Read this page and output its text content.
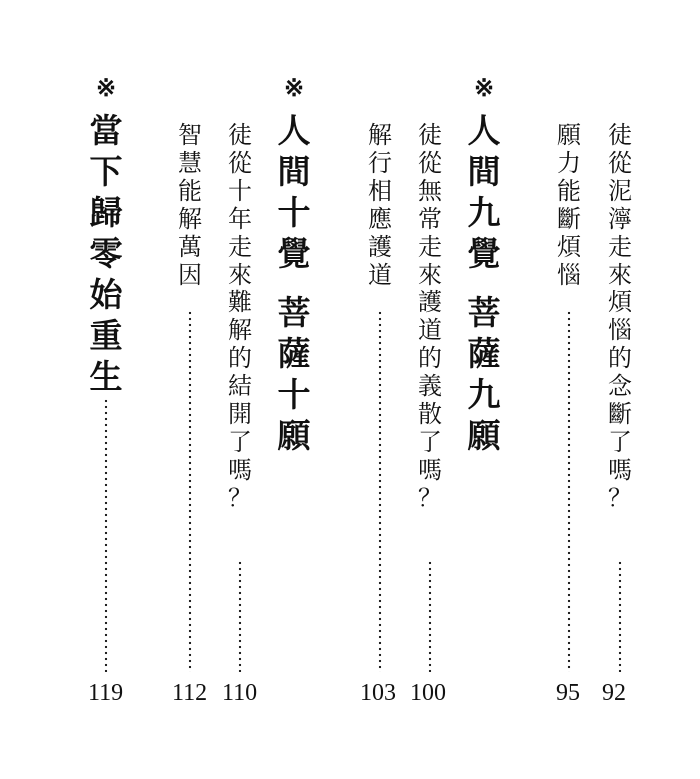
※
人
間
九
覺
菩
薩
九
願
徒
從
泥
濘
走
來
煩
惱
的
念
斷
了
嗎
？
92
願
力
能
斷
煩
惱
95
※
人
間
十
覺
菩
薩
十
願
徒
從
無
常
走
來
護
道
的
義
散
了
嗎
？
100
解
行
相
應
護
道
103
徒
從
十
年
走
來
難
解
的
結
開
了
嗎
？
110
智
慧
能
解
萬
因
112
※
當
下
歸
零
始
重
生
119
